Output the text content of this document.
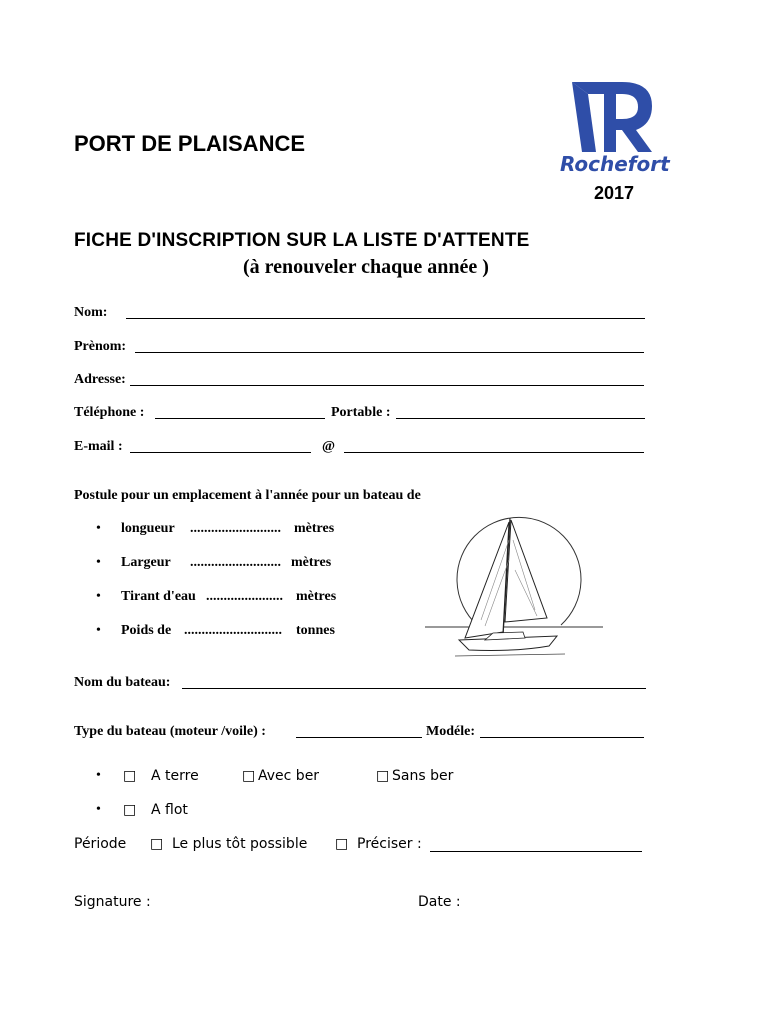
PORT DE PLAISANCE
Rochefort
2017
FICHE D'INSCRIPTION SUR LA LISTE D'ATTENTE
(à renouveler chaque année )
Nom:
Prènom:
Adresse:
Téléphone :	Portable :
E-mail :	@
Postule pour un emplacement à l'année pour un bateau de
• longueur .......................... mètres
• Largeur .......................... mètres
• Tirant d'eau ...................... mètres
• Poids de ............................ tonnes
Nom du bateau:
Type du bateau (moteur /voile) :	Modéle:
• □ A terre	□ Avec ber	□ Sans ber
• □ A flot
Période □ Le plus tôt possible □ Préciser :
Signature :	Date :
